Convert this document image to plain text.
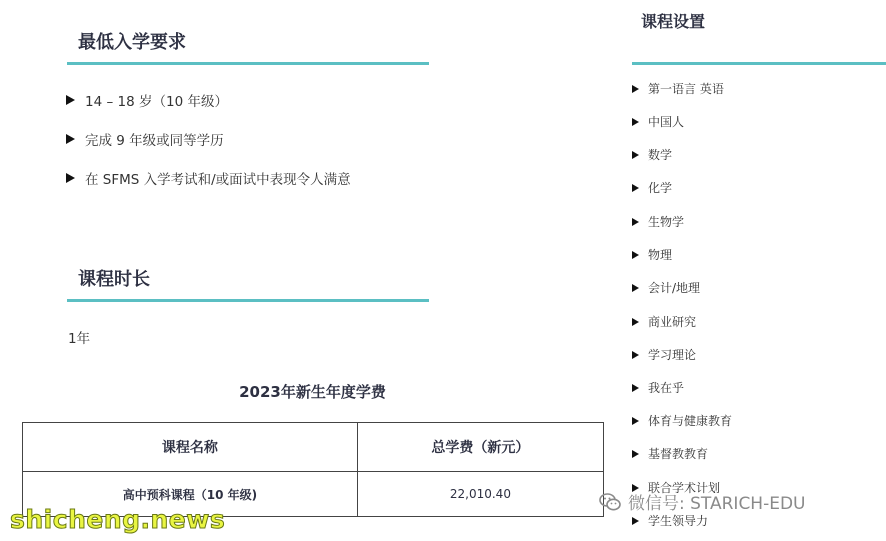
最低入学要求
14 – 18 岁（10 年级）
完成 9 年级或同等学历
在 SFMS 入学考试和/或面试中表现令人满意
课程时长
1年
2023年新生年度学费
课程名称	总学费（新元）
高中预科课程（10 年级)	22,010.40
课程设置
第一语言 英语
中国人
数学
化学
生物学
物理
会计/地理
商业研究
学习理论
我在乎
体育与健康教育
基督教教育
联合学术计划
学生领导力
微信号: STARICH-EDU
shicheng.news
